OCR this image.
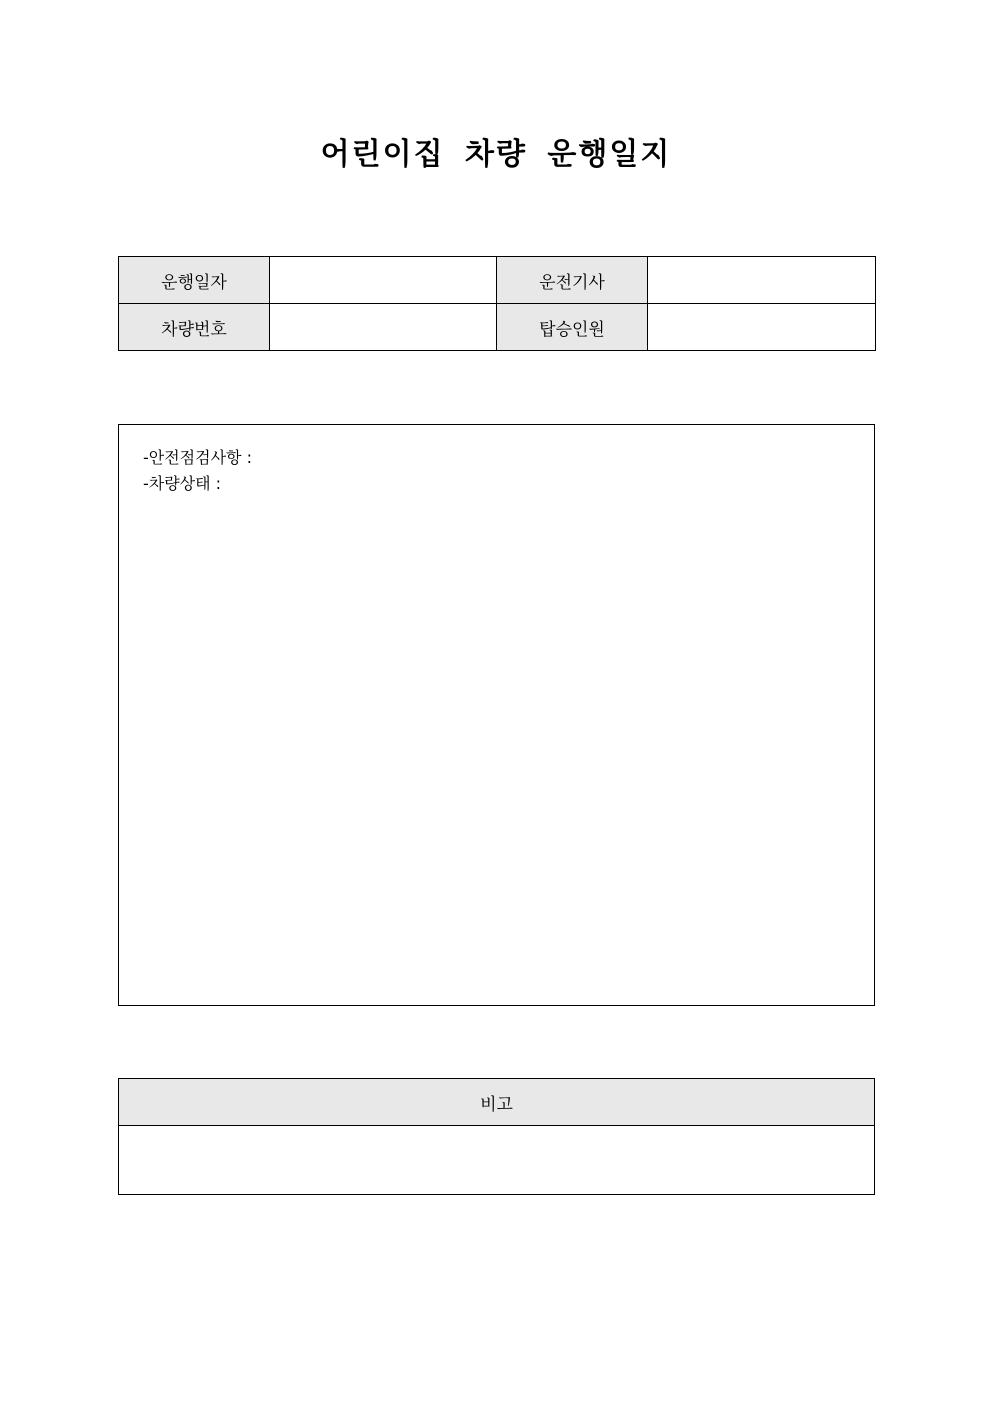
어린이집 차량 운행일지
운행일자		운전기사	
차량번호		탑승인원	
-안전점검사항 :
-차량상태 :
비고
